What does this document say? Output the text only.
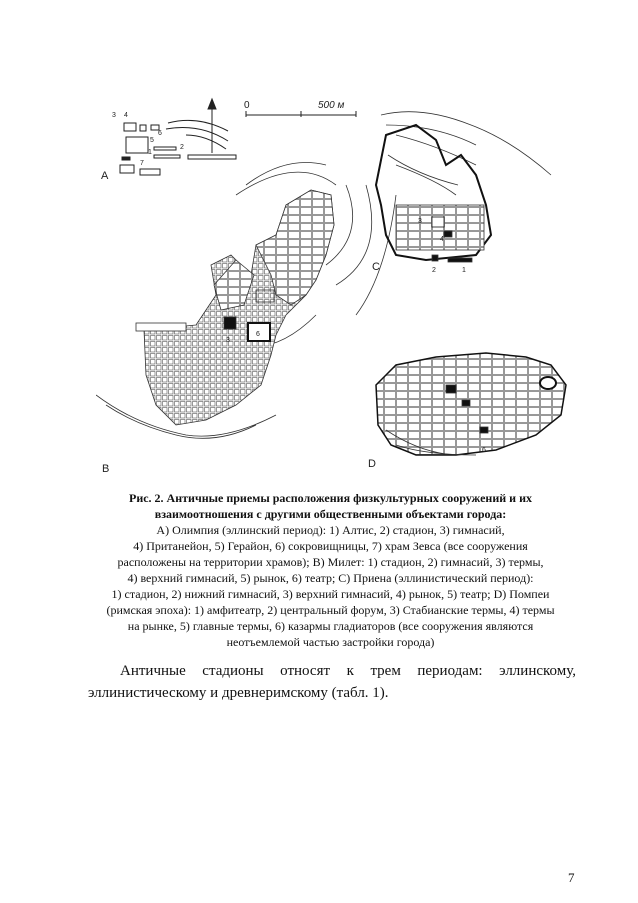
A
1
2
3 4
5
6
7
0	500 м
B
3
6
C	1
2
3
4
D
6
Рис. 2. Античные приемы расположения физкультурных сооружений и их
взаимоотношения с другими общественными объектами города:
A) Олимпия (эллинский период): 1) Алтис, 2) стадион, 3) гимнасий,
4) Пританейон, 5) Герайон, 6) сокровищницы, 7) храм Зевса (все сооружения
расположены на территории храмов); B) Милет: 1) стадион, 2) гимнасий, 3) термы,
4) верхний гимнасий, 5) рынок, 6) театр; C) Приена (эллинистический период):
1) стадион, 2) нижний гимнасий, 3) верхний гимнасий, 4) рынок, 5) театр; D) Помпеи
(римская эпоха): 1) амфитеатр, 2) центральный форум, 3) Стабианские термы, 4) термы
на рынке, 5) главные термы, 6) казармы гладиаторов (все сооружения являются
неотъемлемой частью застройки города)
Античные стадионы относят к трем периодам: эллинскому,
эллинистическому и древнеримскому (табл. 1).
7
